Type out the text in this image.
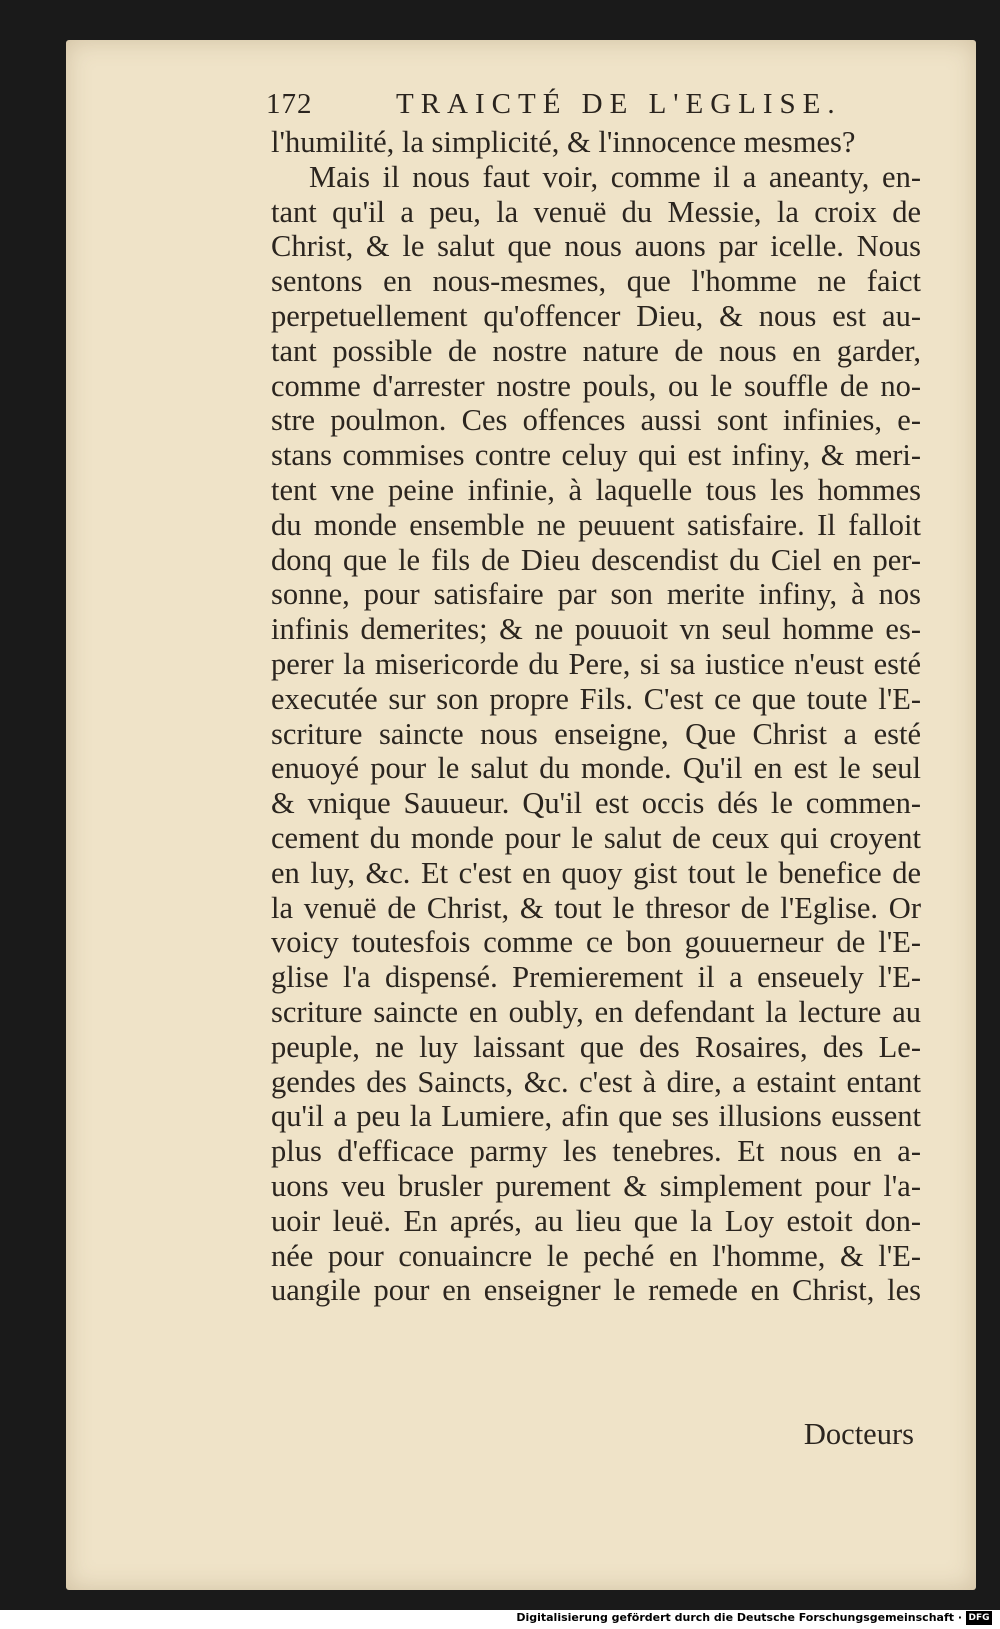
172	TRAICTÉ DE L'EGLISE.
l'humilité, la simplicité, & l'innocence mesmes?
Mais il nous faut voir, comme il a aneanty, en-
tant qu'il a peu, la venuë du Messie, la croix de
Christ, & le salut que nous auons par icelle. Nous
sentons en nous-mesmes, que l'homme ne faict
perpetuellement qu'offencer Dieu, & nous est au-
tant possible de nostre nature de nous en garder,
comme d'arrester nostre pouls, ou le souffle de no-
stre poulmon. Ces offences aussi sont infinies, e-
stans commises contre celuy qui est infiny, & meri-
tent vne peine infinie, à laquelle tous les hommes
du monde ensemble ne peuuent satisfaire. Il falloit
donq que le fils de Dieu descendist du Ciel en per-
sonne, pour satisfaire par son merite infiny, à nos
infinis demerites; & ne pouuoit vn seul homme es-
perer la misericorde du Pere, si sa iustice n'eust esté
executée sur son propre Fils. C'est ce que toute l'E-
scriture saincte nous enseigne, Que Christ a esté
enuoyé pour le salut du monde. Qu'il en est le seul
& vnique Sauueur. Qu'il est occis dés le commen-
cement du monde pour le salut de ceux qui croyent
en luy, &c. Et c'est en quoy gist tout le benefice de
la venuë de Christ, & tout le thresor de l'Eglise. Or
voicy toutesfois comme ce bon gouuerneur de l'E-
glise l'a dispensé. Premierement il a enseuely l'E-
scriture saincte en oubly, en defendant la lecture au
peuple, ne luy laissant que des Rosaires, des Le-
gendes des Saincts, &c. c'est à dire, a estaint entant
qu'il a peu la Lumiere, afin que ses illusions eussent
plus d'efficace parmy les tenebres. Et nous en a-
uons veu brusler purement & simplement pour l'a-
uoir leuë. En aprés, au lieu que la Loy estoit don-
née pour conuaincre le peché en l'homme, & l'E-
uangile pour en enseigner le remede en Christ, les
Docteurs
Digitalisierung gefördert durch die Deutsche Forschungsgemeinschaft · DFG
